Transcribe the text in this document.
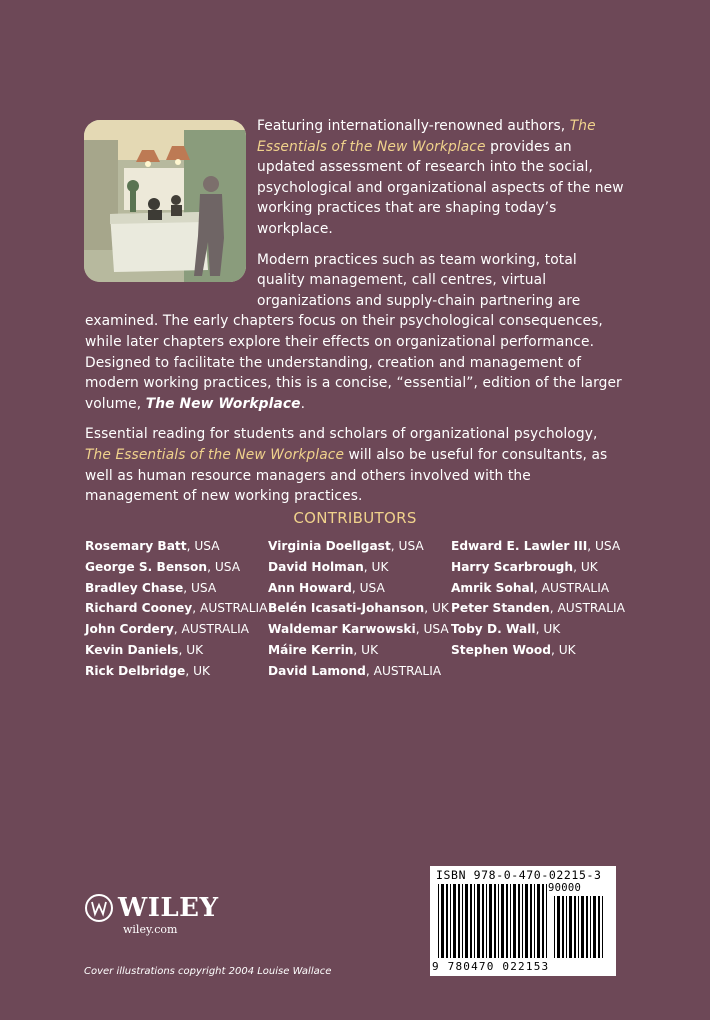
Featuring internationally-renowned authors, The Essentials of the New Workplace provides an updated assessment of research into the social, psychological and organizational aspects of the new working practices that are shaping today’s workplace.

Modern practices such as team working, total quality management, call centres, virtual organizations and supply-chain partnering are examined. The early chapters focus on their psychological consequences, while later chapters explore their effects on organizational performance. Designed to facilitate the understanding, creation and management of modern working practices, this is a concise, “essential”, edition of the larger volume, The New Workplace.

Essential reading for students and scholars of organizational psychology, The Essentials of the New Workplace will also be useful for consultants, as well as human resource managers and others involved with the management of new working practices.

CONTRIBUTORS
Rosemary Batt, USA
George S. Benson, USA
Bradley Chase, USA
Richard Cooney, AUSTRALIA
John Cordery, AUSTRALIA
Kevin Daniels, UK
Rick Delbridge, UK
Virginia Doellgast, USA
David Holman, UK
Ann Howard, USA
Belén Icasati-Johanson, UK
Waldemar Karwowski, USA
Máire Kerrin, UK
David Lamond, AUSTRALIA
Edward E. Lawler III, USA
Harry Scarbrough, UK
Amrik Sohal, AUSTRALIA
Peter Standen, AUSTRALIA
Toby D. Wall, UK
Stephen Wood, UK
WILEY
wiley.com
Cover illustrations copyright 2004 Louise Wallace
ISBN 978-0-470-02215-3
90000
9 780470 022153
